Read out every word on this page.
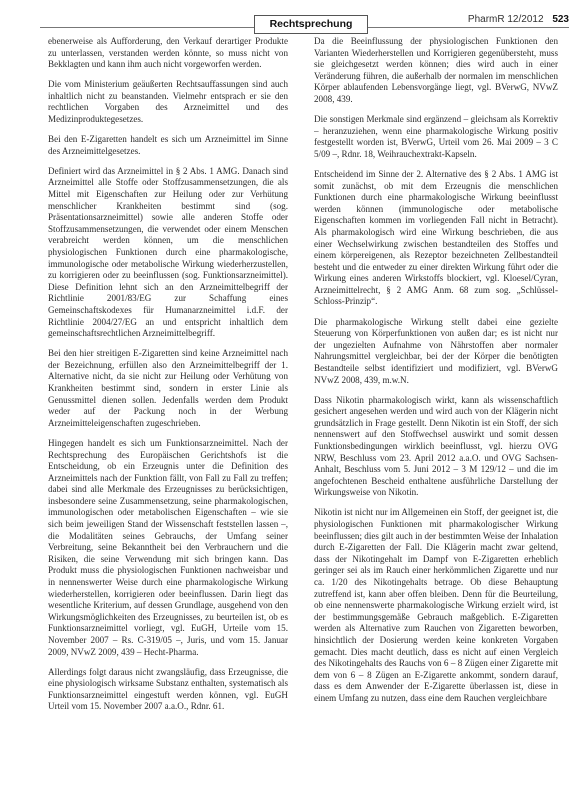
Rechtsprechung	PharmR 12/2012 523

ebenerweise als Aufforderung, den Verkauf derartiger Produkte zu unterlassen, verstanden werden könnte, so muss nicht von Bekklagten und kann ihm auch nicht vorgeworfen werden.

Die vom Ministerium geäußerten Rechtsauffassungen sind auch inhaltlich nicht zu beanstanden. Vielmehr entsprach er sie den rechtlichen Vorgaben des Arzneimittel und des Medizinproduktegesetzes.

Bei den E-Zigaretten handelt es sich um Arzneimittel im Sinne des Arzneimittelgesetzes.

Definiert wird das Arzneimittel in § 2 Abs. 1 AMG. Danach sind Arzneimittel alle Stoffe oder Stoffzusammensetzungen, die als Mittel mit Eigenschaften zur Heilung oder zur Verhütung menschlicher Krankheiten bestimmt sind (sog. Präsentationsarzneimittel) sowie alle anderen Stoffe oder Stoffzusammensetzungen, die verwendet oder einem Menschen verabreicht werden können, um die menschlichen physiologischen Funktionen durch eine pharmakologische, immunologische oder metabolische Wirkung wiederherzustellen, zu korrigieren oder zu beeinflussen (sog. Funktionsarzneimittel). Diese Definition lehnt sich an den Arzneimittelbegriff der Richtlinie 2001/83/EG zur Schaffung eines Gemeinschaftskodexes für Humanarzneimittel i.d.F. der Richtlinie 2004/27/EG an und entspricht inhaltlich dem gemeinschaftsrechtlichen Arzneimittelbegriff.

Bei den hier streitigen E-Zigaretten sind keine Arzneimittel nach der Bezeichnung, erfüllen also den Arzneimittelbegriff der 1. Alternative nicht, da sie nicht zur Heilung oder Verhütung von Krankheiten bestimmt sind, sondern in erster Linie als Genussmittel dienen sollen. Jedenfalls werden dem Produkt weder auf der Packung noch in der Werbung Arzneimitteleigenschaften zugeschrieben.

Hingegen handelt es sich um Funktionsarzneimittel. Nach der Rechtsprechung des Europäischen Gerichtshofs ist die Entscheidung, ob ein Erzeugnis unter die Definition des Arzneimittels nach der Funktion fällt, von Fall zu Fall zu treffen; dabei sind alle Merkmale des Erzeugnisses zu berücksichtigen, insbesondere seine Zusammensetzung, seine pharmakologischen, immunologischen oder metabolischen Eigenschaften – wie sie sich beim jeweiligen Stand der Wissenschaft feststellen lassen –, die Modalitäten seines Gebrauchs, der Umfang seiner Verbreitung, seine Bekanntheit bei den Verbrauchern und die Risiken, die seine Verwendung mit sich bringen kann. Das Produkt muss die physiologischen Funktionen nachweisbar und in nennenswerter Weise durch eine pharmakologische Wirkung wiederherstellen, korrigieren oder beeinflussen. Darin liegt das wesentliche Kriterium, auf dessen Grundlage, ausgehend von den Wirkungsmöglichkeiten des Erzeugnisses, zu beurteilen ist, ob es Funktionsarzneimittel vorliegt, vgl. EuGH, Urteile vom 15. November 2007 – Rs. C-319/05 –, Juris, und vom 15. Januar 2009, NVwZ 2009, 439 – Hecht-Pharma.

Allerdings folgt daraus nicht zwangsläufig, dass Erzeugnisse, die eine physiologisch wirksame Substanz enthalten, systematisch als Funktionsarzneimittel eingestuft werden können, vgl. EuGH Urteil vom 15. November 2007 a.a.O., Rdnr. 61.

Da die Beeinflussung der physiologischen Funktionen den Varianten Wiederherstellen und Korrigieren gegenübersteht, muss sie gleichgesetzt werden können; dies wird auch in einer Veränderung führen, die außerhalb der normalen im menschlichen Körper ablaufenden Lebensvorgänge liegt, vgl. BVerwG, NVwZ 2008, 439.

Die sonstigen Merkmale sind ergänzend – gleichsam als Korrektiv – heranzuziehen, wenn eine pharmakologische Wirkung positiv festgestellt worden ist, BVerwG, Urteil vom 26. Mai 2009 – 3 C 5/09 –, Rdnr. 18, Weihrauchextrakt-Kapseln.

Entscheidend im Sinne der 2. Alternative des § 2 Abs. 1 AMG ist somit zunächst, ob mit dem Erzeugnis die menschlichen Funktionen durch eine pharmakologische Wirkung beeinflusst werden können (immunologische oder metabolische Eigenschaften kommen im vorliegenden Fall nicht in Betracht). Als pharmakologisch wird eine Wirkung beschrieben, die aus einer Wechselwirkung zwischen bestandteilen des Stoffes und einem körpereigenen, als Rezeptor bezeichneten Zellbestandteil besteht und die entweder zu einer direkten Wirkung führt oder die Wirkung eines anderen Wirkstoffs blockiert, vgl. Kloesel/Cyran, Arzneimittelrecht, § 2 AMG Anm. 68 zum sog. „Schlüssel-Schloss-Prinzip“.

Die pharmakologische Wirkung stellt dabei eine gezielte Steuerung von Körperfunktionen von außen dar; es ist nicht nur der ungezielten Aufnahme von Nährstoffen aber normaler Nahrungsmittel vergleichbar, bei der der Körper die benötigten Bestandteile selbst identifiziert und modifiziert, vgl. BVerwG NVwZ 2008, 439, m.w.N.

Dass Nikotin pharmakologisch wirkt, kann als wissenschaftlich gesichert angesehen werden und wird auch von der Klägerin nicht grundsätzlich in Frage gestellt. Denn Nikotin ist ein Stoff, der sich nennenswert auf den Stoffwechsel auswirkt und somit dessen Funktionsbedingungen wirklich beeinflusst, vgl. hierzu OVG NRW, Beschluss vom 23. April 2012 a.a.O. und OVG Sachsen-Anhalt, Beschluss vom 5. Juni 2012 – 3 M 129/12 – und die im angefochtenen Bescheid enthaltene ausführliche Darstellung der Wirkungsweise von Nikotin.

Nikotin ist nicht nur im Allgemeinen ein Stoff, der geeignet ist, die physiologischen Funktionen mit pharmakologischer Wirkung beeinflussen; dies gilt auch in der bestimmten Weise der Inhalation durch E-Zigaretten der Fall. Die Klägerin macht zwar geltend, dass der Nikotingehalt im Dampf von E-Zigaretten erheblich geringer sei als im Rauch einer herkömmlichen Zigarette und nur ca. 1/20 des Nikotingehalts betrage. Ob diese Behauptung zutreffend ist, kann aber offen bleiben. Denn für die Beurteilung, ob eine nennenswerte pharmakologische Wirkung erzielt wird, ist der bestimmungsgemäße Gebrauch maßgeblich. E-Zigaretten werden als Alternative zum Rauchen von Zigaretten beworben, hinsichtlich der Dosierung werden keine konkreten Vorgaben gemacht. Dies macht deutlich, dass es nicht auf einen Vergleich des Nikotingehalts des Rauchs von 6 – 8 Zügen einer Zigarette mit dem von 6 – 8 Zügen an E-Zigarette ankommt, sondern darauf, dass es dem Anwender der E-Zigarette überlassen ist, diese in einem Umfang zu nutzen, dass eine dem Rauchen vergleichbare
